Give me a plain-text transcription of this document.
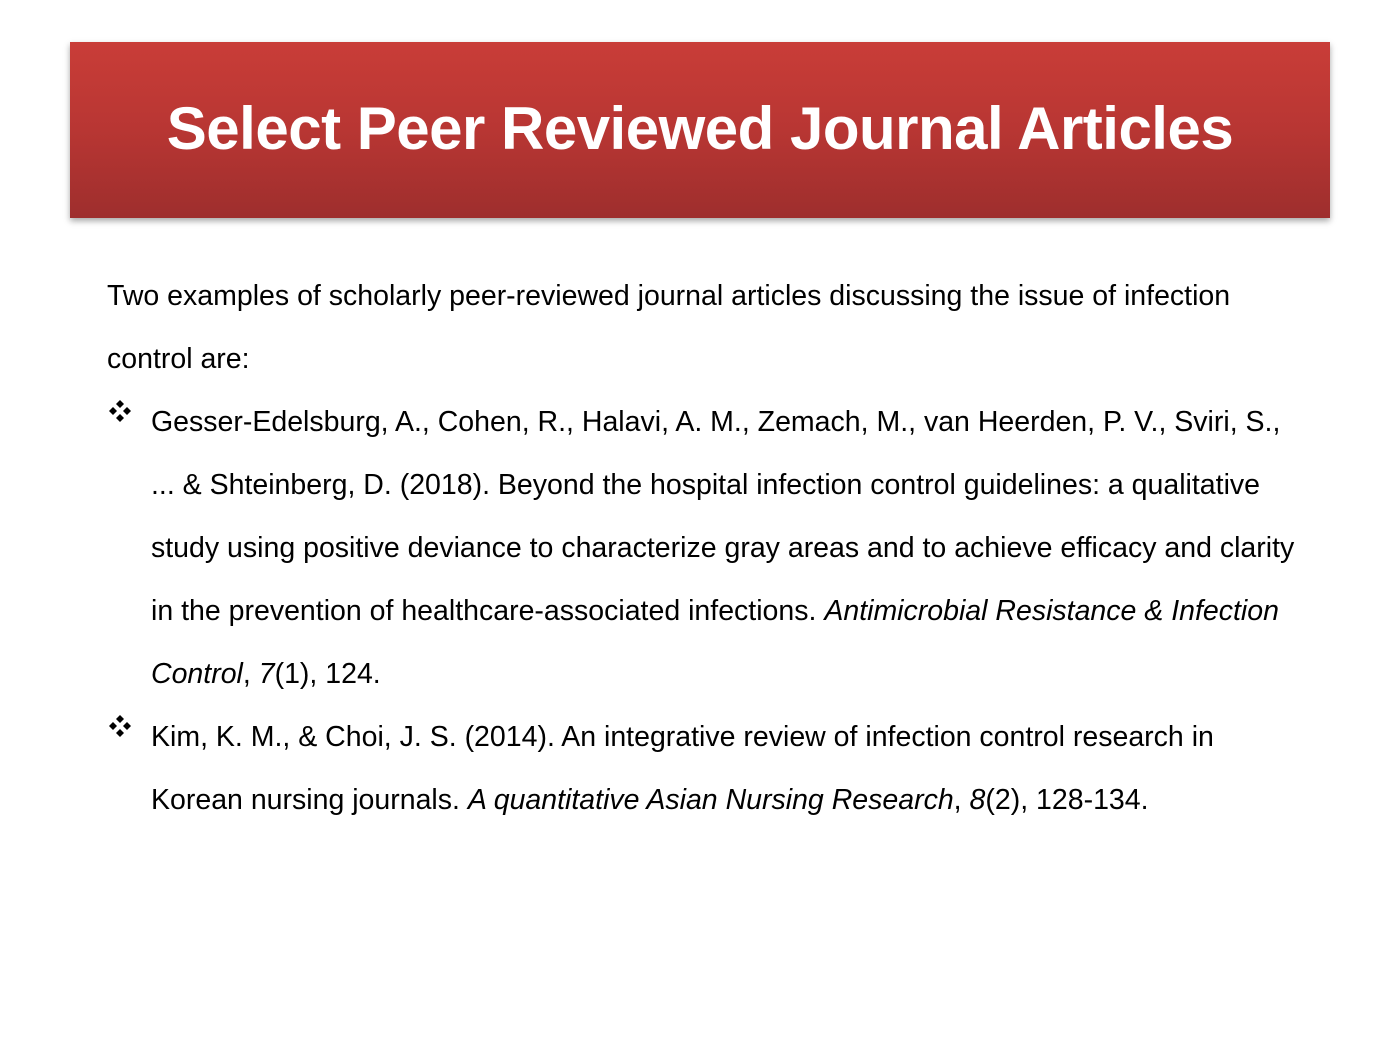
Select Peer Reviewed Journal Articles

Two examples of scholarly peer-reviewed journal articles discussing the issue of infection control are:

Gesser-Edelsburg, A., Cohen, R., Halavi, A. M., Zemach, M., van Heerden, P. V., Sviri, S., ... & Shteinberg, D. (2018). Beyond the hospital infection control guidelines: a qualitative study using positive deviance to characterize gray areas and to achieve efficacy and clarity in the prevention of healthcare-associated infections. Antimicrobial Resistance & Infection Control, 7(1), 124.
Kim, K. M., & Choi, J. S. (2014). An integrative review of infection control research in Korean nursing journals. A quantitative Asian Nursing Research, 8(2), 128-134.
